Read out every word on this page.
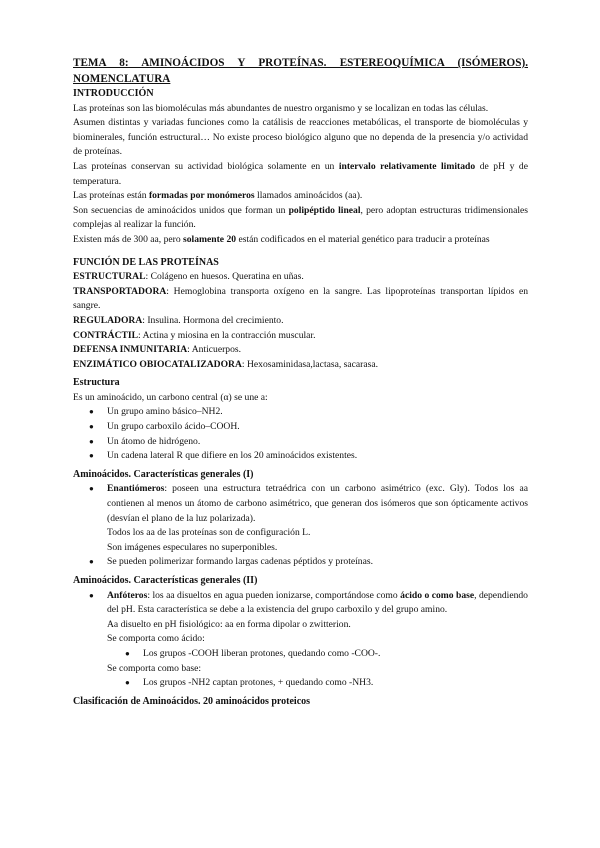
TEMA 8: AMINOÁCIDOS Y PROTEÍNAS. ESTEREOQUÍMICA (ISÓMEROS). NOMENCLATURA
INTRODUCCIÓN

Las proteínas son las biomoléculas más abundantes de nuestro organismo y se localizan en todas las células.

Asumen distintas y variadas funciones como la catálisis de reacciones metabólicas, el transporte de biomoléculas y biominerales, función estructural… No existe proceso biológico alguno que no dependa de la presencia y/o actividad de proteínas.

Las proteínas conservan su actividad biológica solamente en un intervalo relativamente limitado de pH y de temperatura.

Las proteínas están formadas por monómeros llamados aminoácidos (aa).

Son secuencias de aminoácidos unidos que forman un polipéptido lineal, pero adoptan estructuras tridimensionales complejas al realizar la función.

Existen más de 300 aa, pero solamente 20 están codificados en el material genético para traducir a proteínas

FUNCIÓN DE LAS PROTEÍNAS

ESTRUCTURAL: Colágeno en huesos. Queratina en uñas.

TRANSPORTADORA: Hemoglobina transporta oxígeno en la sangre. Las lipoproteínas transportan lípidos en sangre.

REGULADORA: Insulina. Hormona del crecimiento.

CONTRÁCTIL: Actina y miosina en la contracción muscular.

DEFENSA INMUNITARIA: Anticuerpos.

ENZIMÁTICO OBIOCATALIZADORA: Hexosaminidasa,lactasa, sacarasa.

Estructura

Es un aminoácido, un carbono central (α) se une a:

● Un grupo amino básico–NH2.
● Un grupo carboxilo ácido–COOH.
● Un átomo de hidrógeno.
● Un cadena lateral R que difiere en los 20 aminoácidos existentes.
Aminoácidos. Características generales (I)

● Enantiómeros: poseen una estructura tetraédrica con un carbono asimétrico (exc. Gly). Todos los aa contienen al menos un átomo de carbono asimétrico, que generan dos isómeros que son ópticamente activos (desvían el plano de la luz polarizada).

Todos los aa de las proteínas son de configuración L.
Son imágenes especulares no superponibles.
● Se pueden polimerizar formando largas cadenas péptidos y proteínas.
Aminoácidos. Características generales (II)

● Anfóteros: los aa disueltos en agua pueden ionizarse, comportándose como ácido o como base, dependiendo del pH. Esta característica se debe a la existencia del grupo carboxilo y del grupo amino.

Aa disuelto en pH fisiológico: aa en forma dipolar o zwitterion.
Se comporta como ácido:
● Los grupos -COOH liberan protones, quedando como -COO-.
Se comporta como base:
● Los grupos -NH2 captan protones, + quedando como -NH3.
Clasificación de Aminoácidos. 20 aminoácidos proteicos
